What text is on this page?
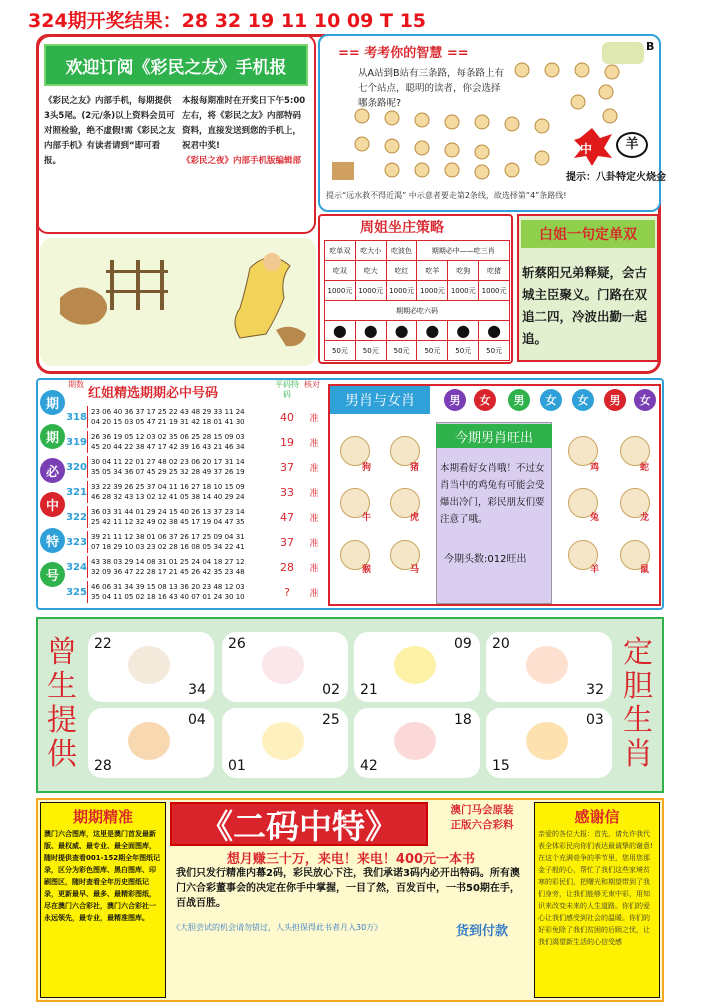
324期开奖结果：28 32 19 11 10 09 T 15
欢迎订阅《彩民之友》手机报
《彩民之友》内部手机，每期提供3头5尾。(2元/条)以上资料会员可对照检验，绝不虚假!需《彩民之友内部手机》有读者请到“即可看报。
本报每期准时在开奖日下午5:00左右，将《彩民之友》内部特码资料，直接发送到您的手机上，祝君中奖!
《彩民之夜》内部手机版编辑部
== 考考你的智慧 ==	B
从A站到B站有三条路，每条路上有七个站点，聪明的读者，你会选择哪条路呢?
中	羊
提示：八卦特定火烧金
提示“远水救不得近渴” 中示意者要走第2条线，故选择第“4”条路线!
周姐坐庄策略
吃单双	吃大小	吃波色	期期必中——吃三肖		
吃双	吃大	吃红	吃羊	吃狗	吃猪
1000元	1000元	1000元	1000元	1000元	1000元
期期必吃六码					
●	●	●	●	●	●
50元	50元	50元	50元	50元	50元
白姐一句定单双
斩蔡阳兄弟释疑，会古城主臣聚义。门路在双追二四，冷波出勤一起追。
期
期
必
中
特
号
期数
红姐精选期期必中号码
平码特码
核对
318 23 06 40 36 37 17 25 22 43 48 29 33 11 24
04 20 15 03 05 47 21 19 31 42 18 01 41 30	40	准
319 26 36 19 05 12 03 02 35 06 25 28 15 09 03
45 20 44 22 38 47 17 42 39 16 43 21 46 34	19	准
320 30 04 11 22 01 27 48 02 23 06 20 17 31 14
35 05 34 36 07 45 29 25 32 28 49 37 26 19	37	准
321 33 22 39 26 25 37 04 11 16 27 18 10 15 09
46 28 32 43 13 02 12 41 05 38 14 40 29 24	33	准
322 36 03 31 44 01 29 24 15 40 26 13 37 23 14
25 42 11 12 32 49 02 38 45 17 19 04 47 35	47	准
323 39 21 11 12 38 01 06 37 26 17 25 09 04 31
07 18 29 10 03 23 02 28 16 08 05 34 22 41	37	准
324 43 38 03 29 14 08 31 01 25 24 04 18 27 12
32 09 36 47 22 28 17 21 45 26 42 35 23 48	28	准
325 46 06 31 34 39 15 08 13 36 20 23 48 12 03
35 04 11 05 02 18 16 43 40 07 01 24 30 10	?	准
男肖与女肖	男	女	男	女	女	男	女
狗	猪
牛	虎
猴	马
今期男肖旺出
本期看好女肖哦！不过女肖当中的鸡兔有可能会受爆出冷门，彩民朋友们要注意了哦。
今期头数:012旺出
鸡	蛇
兔	龙
羊	鼠
曾
生
提
供
定
胆
生
肖
22
34
26
02
09
21
20
32
04
28
25
01
18
42
03
15
期期精准
澳门六合图库，这里是澳门首发最新版、最权威、最专业、最全面图库，随时提供查看001-152期全年图纸记录，区分为彩色图库、黑白图库、印刷图区，随时查看全年历史图纸记录，更新最早、最多、最精彩图纸，尽在澳门六合彩社，澳门六合彩社一永远领先，最专业，最精准图库。
《二码中特》	澳门马会原装
正版六合彩料
想月赚三十万，来电！来电！400元一本书
我们只发行精准内幕2码，彩民放心下注，我们承诺3码内必开出特码。所有澳门六合彩董事会的决定在你手中掌握，一目了然，百发百中，一书50期在手，百战百胜。
《大胆尝试的机会请勿错过，人头担保得此书者月入30万》	货到付款
感谢信
亲爱的各位大报：首先，请允许我代表全体彩民向你们表达最诚挚的谢意!在这个充满竞争的季节里，您用您那金子般的心，帮忙了我们这些家境贫寒的彩民们，把曙光和期望带到了我们身旁，让我们能够无束中彩，用知识来改变未来的人生道路。你们的爱心让我们感受到社会的温暖。你们的好彩免除了我们贫困的后顾之忧，让我们渴望新生活的心信受感
